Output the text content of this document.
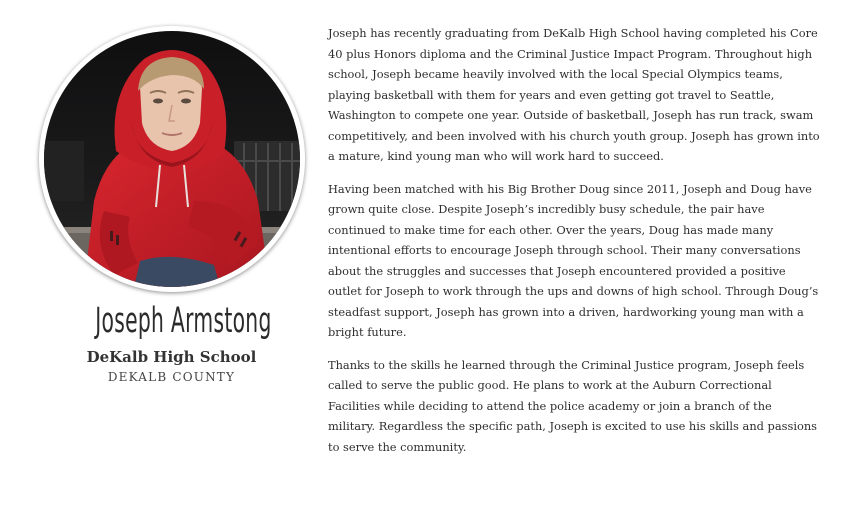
Joseph Armstong
DeKalb High School
DEKALB COUNTY

Joseph has recently graduating from DeKalb High School having completed his Core 40 plus Honors diploma and the Criminal Justice Impact Program. Throughout high school, Joseph became heavily involved with the local Special Olympics teams, playing basketball with them for years and even getting got travel to Seattle, Washington to compete one year. Outside of basketball, Joseph has run track, swam competitively, and been involved with his church youth group. Joseph has grown into a mature, kind young man who will work hard to succeed.

Having been matched with his Big Brother Doug since 2011, Joseph and Doug have grown quite close. Despite Joseph’s incredibly busy schedule, the pair have continued to make time for each other. Over the years, Doug has made many intentional efforts to encourage Joseph through school. Their many conversations about the struggles and successes that Joseph encountered provided a positive outlet for Joseph to work through the ups and downs of high school. Through Doug’s steadfast support, Joseph has grown into a driven, hardworking young man with a bright future.

Thanks to the skills he learned through the Criminal Justice program, Joseph feels called to serve the public good. He plans to work at the Auburn Correctional Facilities while deciding to attend the police academy or join a branch of the military. Regardless the specific path, Joseph is excited to use his skills and passions to serve the community.
